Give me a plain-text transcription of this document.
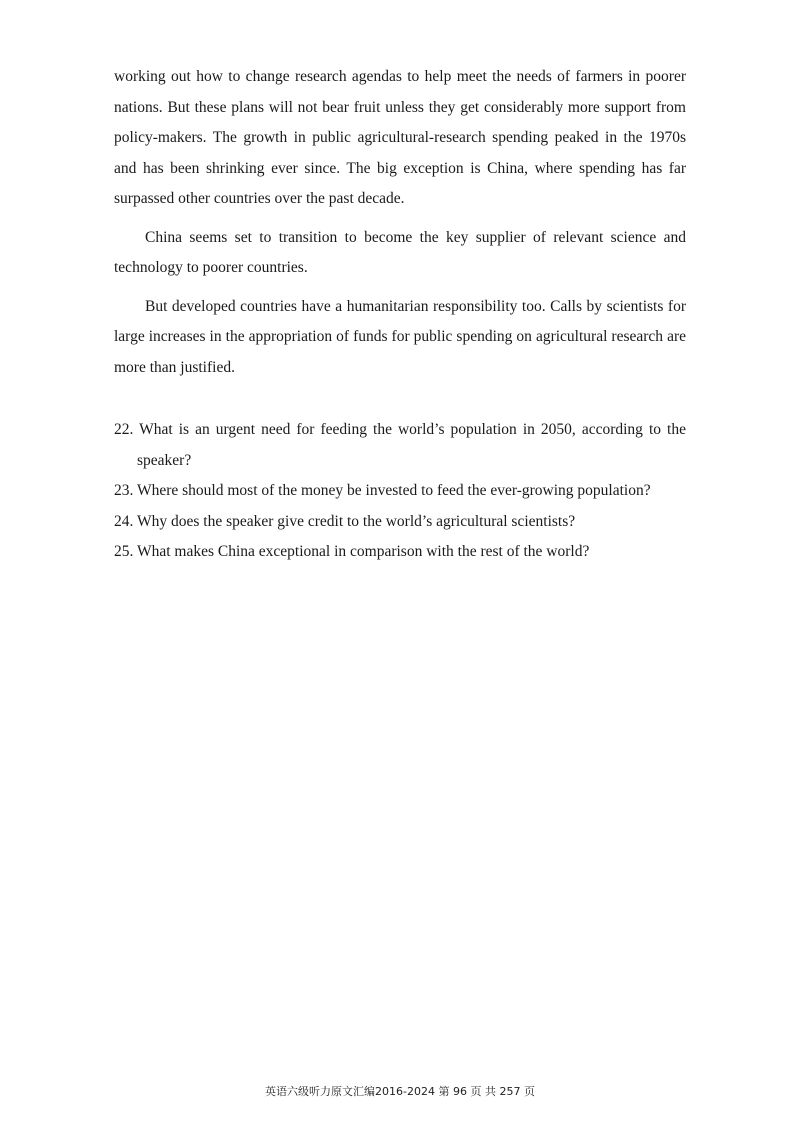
working out how to change research agendas to help meet the needs of farmers in poorer nations. But these plans will not bear fruit unless they get considerably more support from policy-makers. The growth in public agricultural-research spending peaked in the 1970s and has been shrinking ever since. The big exception is China, where spending has far surpassed other countries over the past decade.

China seems set to transition to become the key supplier of relevant science and technology to poorer countries.

But developed countries have a humanitarian responsibility too. Calls by scientists for large increases in the appropriation of funds for public spending on agricultural research are more than justified.

22. What is an urgent need for feeding the world’s population in 2050, according to the speaker?

23. Where should most of the money be invested to feed the ever-growing population?

24. Why does the speaker give credit to the world’s agricultural scientists?

25. What makes China exceptional in comparison with the rest of the world?

英语六级听力原文汇编2016-2024 第 96 页 共 257 页
